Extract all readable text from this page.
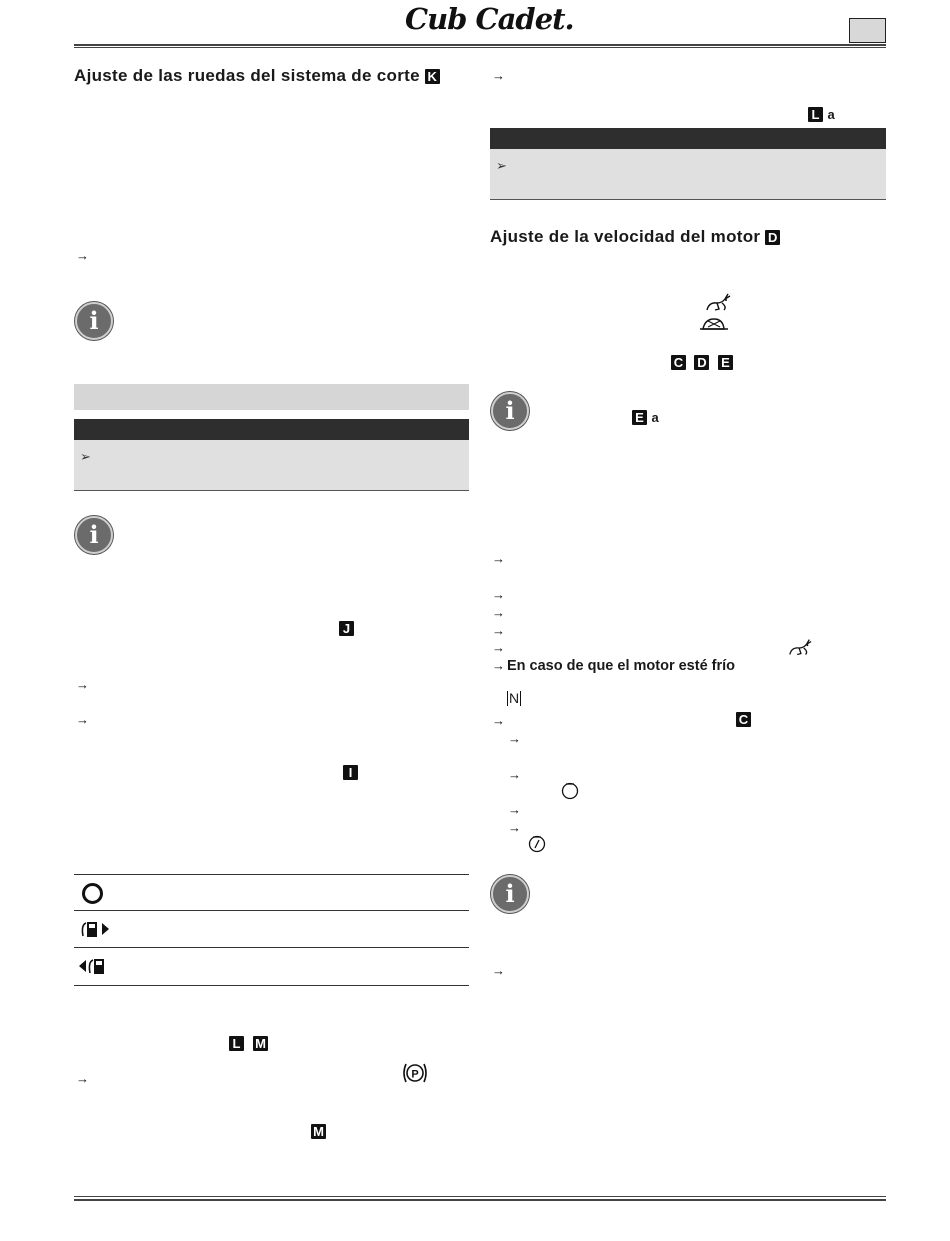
Cub Cadet.
Ajuste de las ruedas del sistema de corte K
→
i
➢
i
J
→
→
I
L M
→	P
M
→
L a
➢
Ajuste de la velocidad del motor D
C D E
i	E a
→
→
→
→
→
→ En caso de que el motor esté frío
N
→	C
→
→
→
→
i
→
